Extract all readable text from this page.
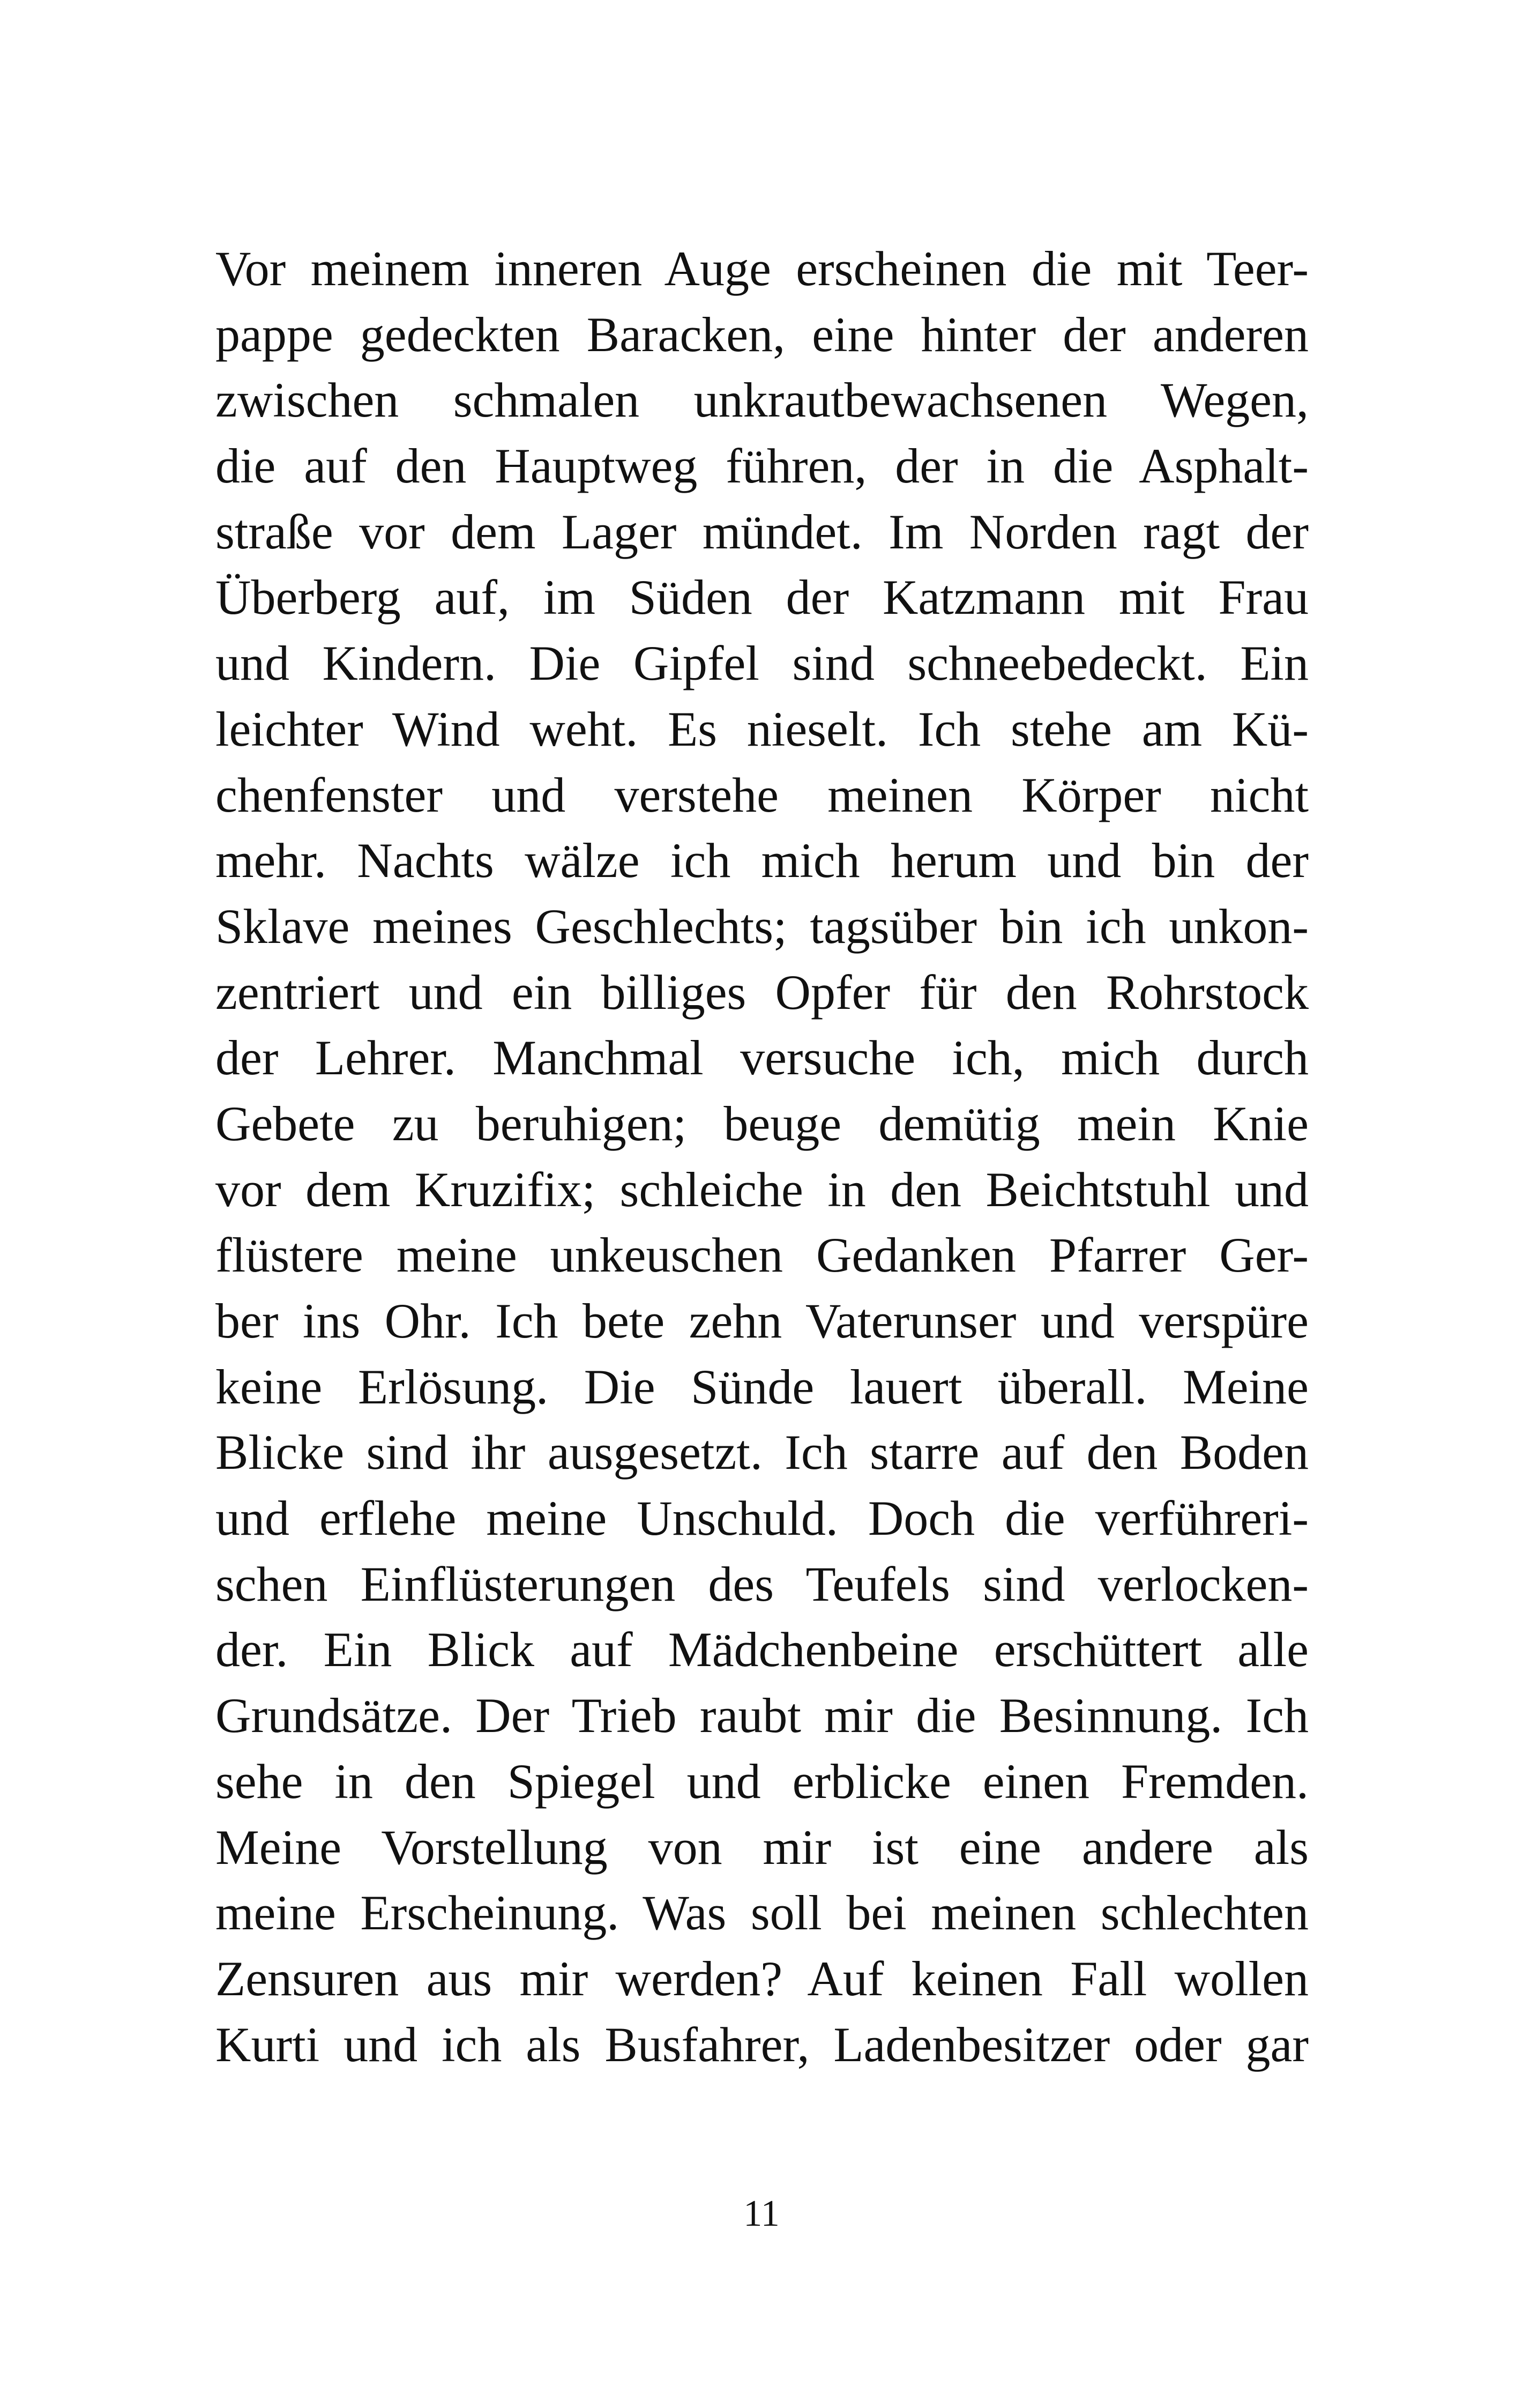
Vor meinem inneren Auge erscheinen die mit Teer-
pappe gedeckten Baracken, eine hinter der anderen
zwischen schmalen unkrautbewachsenen Wegen,
die auf den Hauptweg führen, der in die Asphalt-
straße vor dem Lager mündet. Im Norden ragt der
Überberg auf, im Süden der Katzmann mit Frau
und Kindern. Die Gipfel sind schneebedeckt. Ein
leichter Wind weht. Es nieselt. Ich stehe am Kü-
chenfenster und verstehe meinen Körper nicht
mehr. Nachts wälze ich mich herum und bin der
Sklave meines Geschlechts; tagsüber bin ich unkon-
zentriert und ein billiges Opfer für den Rohrstock
der Lehrer. Manchmal versuche ich, mich durch
Gebete zu beruhigen; beuge demütig mein Knie
vor dem Kruzifix; schleiche in den Beichtstuhl und
flüstere meine unkeuschen Gedanken Pfarrer Ger-
ber ins Ohr. Ich bete zehn Vaterunser und verspüre
keine Erlösung. Die Sünde lauert überall. Meine
Blicke sind ihr ausgesetzt. Ich starre auf den Boden
und erflehe meine Unschuld. Doch die verführeri-
schen Einflüsterungen des Teufels sind verlocken-
der. Ein Blick auf Mädchenbeine erschüttert alle
Grundsätze. Der Trieb raubt mir die Besinnung. Ich
sehe in den Spiegel und erblicke einen Fremden.
Meine Vorstellung von mir ist eine andere als
meine Erscheinung. Was soll bei meinen schlechten
Zensuren aus mir werden? Auf keinen Fall wollen
Kurti und ich als Busfahrer, Ladenbesitzer oder gar
11
